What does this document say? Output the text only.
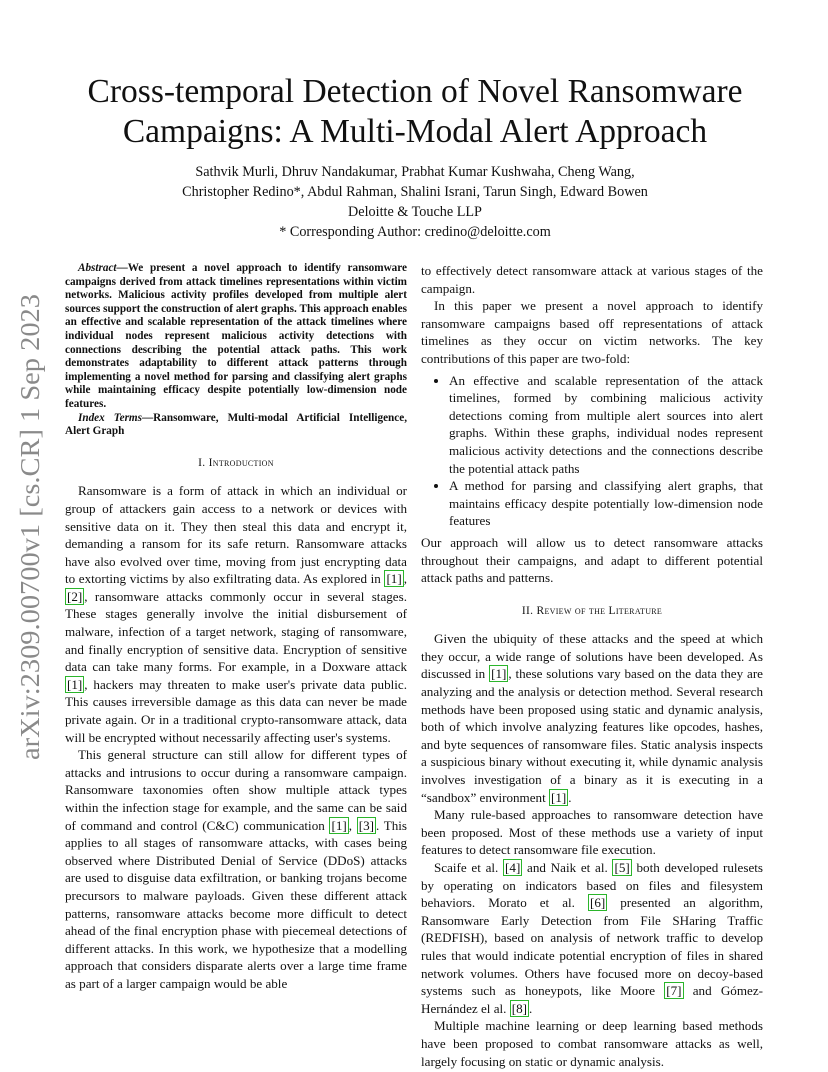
arXiv:2309.00700v1 [cs.CR] 1 Sep 2023
Cross-temporal Detection of Novel Ransomware
Campaigns: A Multi-Modal Alert Approach
Sathvik Murli, Dhruv Nandakumar, Prabhat Kumar Kushwaha, Cheng Wang,
Christopher Redino*, Abdul Rahman, Shalini Israni, Tarun Singh, Edward Bowen
Deloitte & Touche LLP
* Corresponding Author: credino@deloitte.com

Abstract—We present a novel approach to identify ransomware campaigns derived from attack timelines representations within victim networks. Malicious activity profiles developed from multiple alert sources support the construction of alert graphs. This approach enables an effective and scalable representation of the attack timelines where individual nodes represent malicious activity detections with connections describing the potential attack paths. This work demonstrates adaptability to different attack patterns through implementing a novel method for parsing and classifying alert graphs while maintaining efficacy despite potentially low-dimension node features.

Index Terms—Ransomware, Multi-modal Artificial Intelligence, Alert Graph

I. Introduction

Ransomware is a form of attack in which an individual or group of attackers gain access to a network or devices with sensitive data on it. They then steal this data and encrypt it, demanding a ransom for its safe return. Ransomware attacks have also evolved over time, moving from just encrypting data to extorting victims by also exfiltrating data. As explored in [1] , [2] , ransomware attacks commonly occur in several stages. These stages generally involve the initial disbursement of malware, infection of a target network, staging of ransomware, and finally encryption of sensitive data. Encryption of sensitive data can take many forms. For example, in a Doxware attack [1] , hackers may threaten to make user's private data public. This causes irreversible damage as this data can never be made private again. Or in a traditional crypto-ransomware attack, data will be encrypted without necessarily affecting user's systems.

This general structure can still allow for different types of attacks and intrusions to occur during a ransomware campaign. Ransomware taxonomies often show multiple attack types within the infection stage for example, and the same can be said of command and control (C&C) communication [1] , [3] . This applies to all stages of ransomware attacks, with cases being observed where Distributed Denial of Service (DDoS) attacks are used to disguise data exfiltration, or banking trojans become precursors to malware payloads. Given these different attack patterns, ransomware attacks become more difficult to detect ahead of the final encryption phase with piecemeal detections of different attacks. In this work, we hypothesize that a modelling approach that considers disparate alerts over a large time frame as part of a larger campaign would be able

to effectively detect ransomware attack at various stages of the campaign.

In this paper we present a novel approach to identify ransomware campaigns based off representations of attack timelines as they occur on victim networks. The key contributions of this paper are two-fold:

• An effective and scalable representation of the attack timelines, formed by combining malicious activity detections coming from multiple alert sources into alert graphs. Within these graphs, individual nodes represent malicious activity detections and the connections describe the potential attack paths
• A method for parsing and classifying alert graphs, that maintains efficacy despite potentially low-dimension node features

Our approach will allow us to detect ransomware attacks throughout their campaigns, and adapt to different potential attack paths and patterns.

II. Review of the Literature

Given the ubiquity of these attacks and the speed at which they occur, a wide range of solutions have been developed. As discussed in [1] , these solutions vary based on the data they are analyzing and the analysis or detection method. Several research methods have been proposed using static and dynamic analysis, both of which involve analyzing features like opcodes, hashes, and byte sequences of ransomware files. Static analysis inspects a suspicious binary without executing it, while dynamic analysis involves investigation of a binary as it is executing in a “sandbox” environment [1] .

Many rule-based approaches to ransomware detection have been proposed. Most of these methods use a variety of input features to detect ransomware file execution.

Scaife et al. [4] and Naik et al. [5] both developed rulesets by operating on indicators based on files and filesystem behaviors. Morato et al. [6] presented an algorithm, Ransomware Early Detection from File SHaring Traffic (REDFISH), based on analysis of network traffic to develop rules that would indicate potential encryption of files in shared network volumes. Others have focused more on decoy-based systems such as honeypots, like Moore [7] and Gómez-Hernández el al. [8] .

Multiple machine learning or deep learning based methods have been proposed to combat ransomware attacks as well, largely focusing on static or dynamic analysis.
